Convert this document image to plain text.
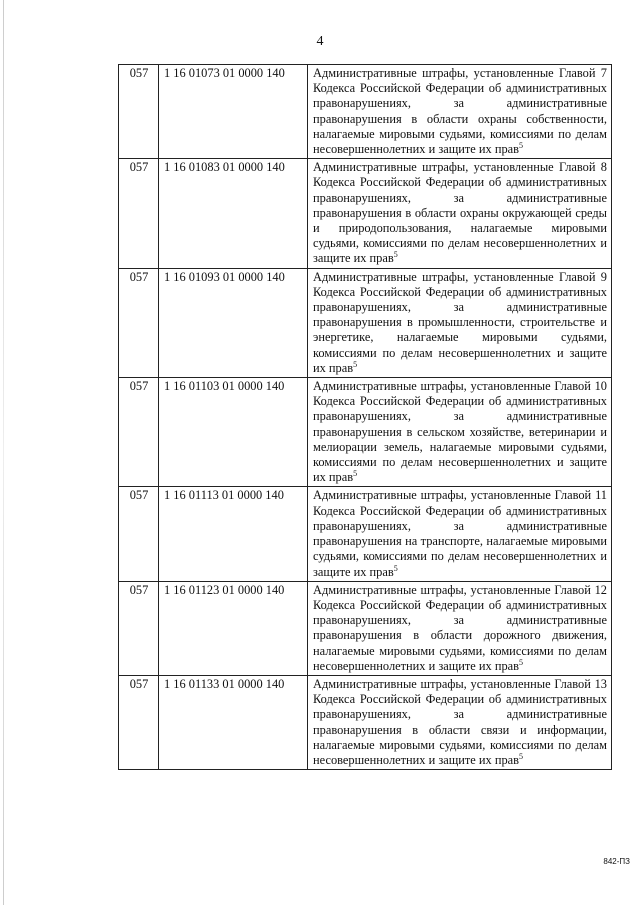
4
057	1 16 01073 01 0000 140	Административные штрафы, установленные Главой 7 Кодекса Российской Федерации об административных правонарушениях, за административные правонарушения в области охраны собственности, налагаемые мировыми судьями, комиссиями по делам несовершеннолетних и защите их прав$^5$
057	1 16 01083 01 0000 140	Административные штрафы, установленные Главой 8 Кодекса Российской Федерации об административных правонарушениях, за административные правонарушения в области охраны окружающей среды и природопользования, налагаемые мировыми судьями, комиссиями по делам несовершеннолетних и защите их прав$^5$
057	1 16 01093 01 0000 140	Административные штрафы, установленные Главой 9 Кодекса Российской Федерации об административных правонарушениях, за административные правонарушения в промышленности, строительстве и энергетике, налагаемые мировыми судьями, комиссиями по делам несовершеннолетних и защите их прав$^5$
057	1 16 01103 01 0000 140	Административные штрафы, установленные Главой 10 Кодекса Российской Федерации об административных правонарушениях, за административные правонарушения в сельском хозяйстве, ветеринарии и мелиорации земель, налагаемые мировыми судьями, комиссиями по делам несовершеннолетних и защите их прав$^5$
057	1 16 01113 01 0000 140	Административные штрафы, установленные Главой 11 Кодекса Российской Федерации об административных правонарушениях, за административные правонарушения на транспорте, налагаемые мировыми судьями, комиссиями по делам несовершеннолетних и защите их прав$^5$
057	1 16 01123 01 0000 140	Административные штрафы, установленные Главой 12 Кодекса Российской Федерации об административных правонарушениях, за административные правонарушения в области дорожного движения, налагаемые мировыми судьями, комиссиями по делам несовершеннолетних и защите их прав$^5$
057	1 16 01133 01 0000 140	Административные штрафы, установленные Главой 13 Кодекса Российской Федерации об административных правонарушениях, за административные правонарушения в области связи и информации, налагаемые мировыми судьями, комиссиями по делам несовершеннолетних и защите их прав$^5$
842-ПЗ
